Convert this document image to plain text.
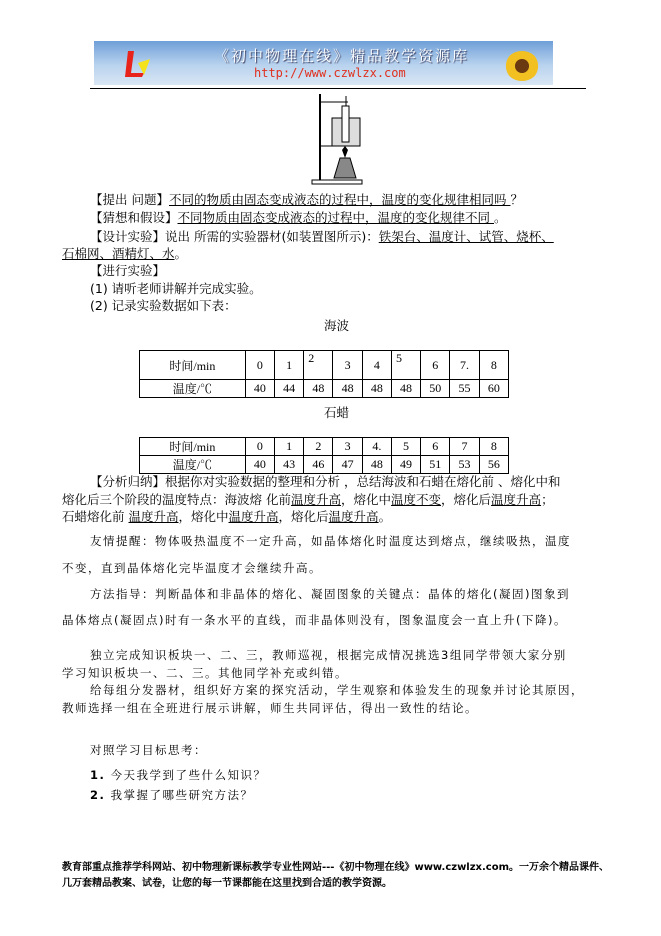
《初中物理在线》精品教学资源库
http://www.czwlzx.com
海波
时间/min	0	1	2	3	4	5	6	7.	8
温度/℃	40	44	48	48	48	48	50	55	60
石蜡
时间/min	0	1	2	3	4.	5	6	7	8
温度/℃	40	43	46	47	48	49	51	53	56
对照学习目标思考：
1. 今天我学到了些什么知识？
2. 我掌握了哪些研究方法？
教育部重点推荐学科网站、初中物理新课标教学专业性网站---《初中物理在线》www.czwlzx.com。一万余个精品课件、
几万套精品教案、试卷，让您的每一节课都能在这里找到合适的教学资源。
【提出 问题】不同的物质由固态变成液态的过程中，温度的变化规律相同吗 ？
【猜想和假设】不同物质由固态变成液态的过程中，温度的变化规律不同 。
【设计实验】说出 所需的实验器材(如装置图所示)：铁架台、温度计、试管、烧杯、
石棉网、酒精灯、水。
【进行实验】
(1) 请听老师讲解并完成实验。
(2) 记录实验数据如下表：
【分析归纳】根据你对实验数据的整理和分析 ，总结海波和石蜡在熔化前 、熔化中和
熔化后三个阶段的温度特点：海波熔 化前温度升高，熔化中温度不变，熔化后温度升高；
石蜡熔化前 温度升高，熔化中温度升高，熔化后温度升高。
友情提醒：物体吸热温度不一定升高，如晶体熔化时温度达到熔点，继续吸热，温度
不变，直到晶体熔化完毕温度才会继续升高。
方法指导：判断晶体和非晶体的熔化、凝固图象的关键点：晶体的熔化(凝固)图象到
晶体熔点(凝固点)时有一条水平的直线，而非晶体则没有，图象温度会一直上升(下降)。
独立完成知识板块一、二、三，教师巡视，根据完成情况挑选3组同学带领大家分别
学习知识板块一、二、三。其他同学补充或纠错。
给每组分发器材，组织好方案的探究活动，学生观察和体验发生的现象并讨论其原因，
教师选择一组在全班进行展示讲解，师生共同评估，得出一致性的结论。
